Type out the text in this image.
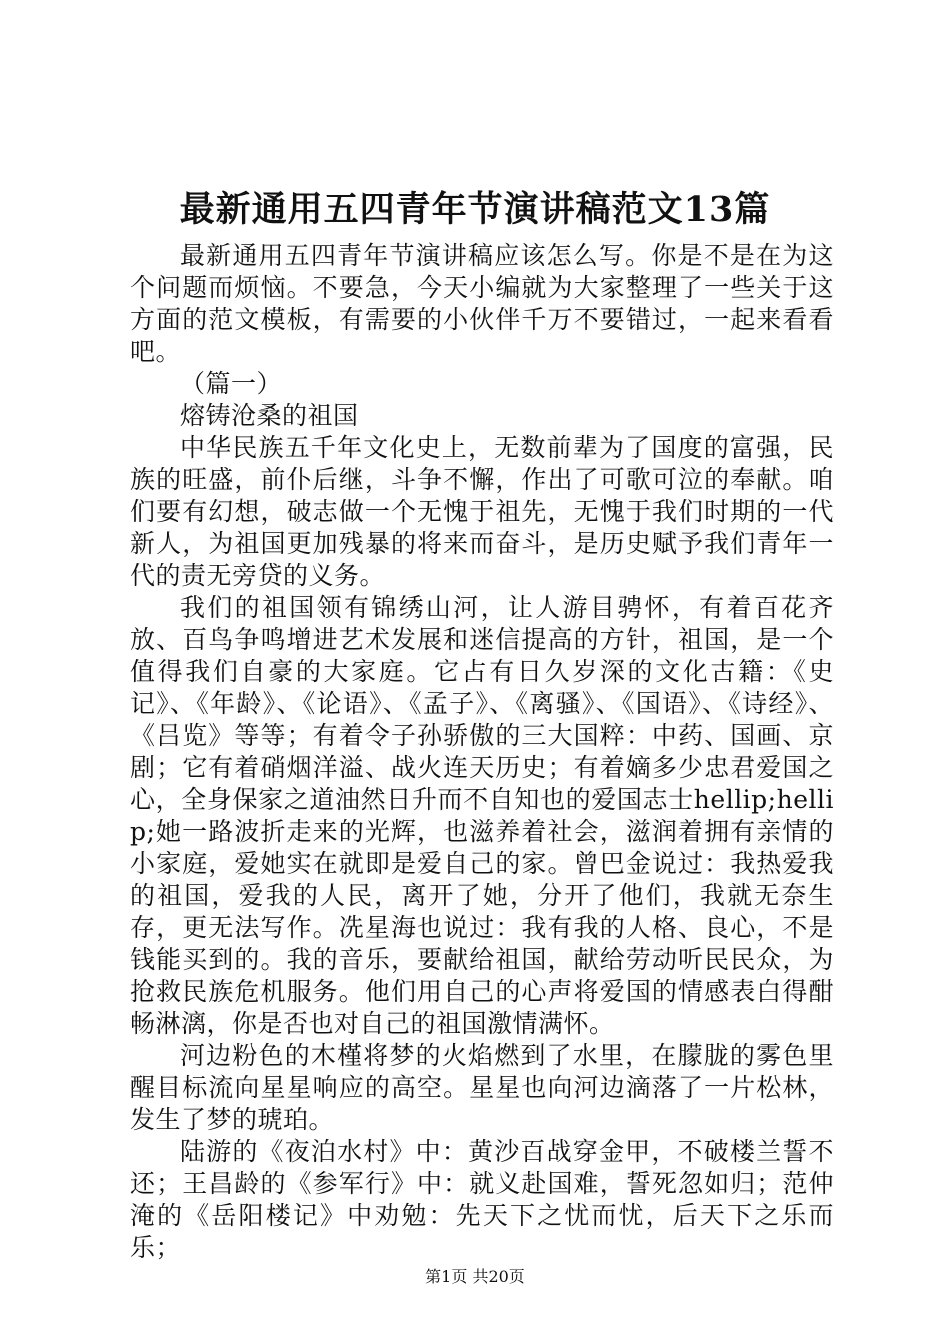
最新通用五四青年节演讲稿范文13篇

最新通用五四青年节演讲稿应该怎么写。你是不是在为这个问题而烦恼。不要急，今天小编就为大家整理了一些关于这方面的范文模板，有需要的小伙伴千万不要错过，一起来看看吧。

（篇一）

熔铸沧桑的祖国

中华民族五千年文化史上，无数前辈为了国度的富强，民族的旺盛，前仆后继，斗争不懈，作出了可歌可泣的奉献。咱们要有幻想，破志做一个无愧于祖先，无愧于我们时期的一代新人，为祖国更加残暴的将来而奋斗，是历史赋予我们青年一代的责无旁贷的义务。

我们的祖国领有锦绣山河，让人游目骋怀，有着百花齐放、百鸟争鸣增进艺术发展和迷信提高的方针，祖国，是一个值得我们自豪的大家庭。它占有日久岁深的文化古籍：《史记》、《年龄》、《论语》、《孟子》、《离骚》、《国语》、《诗经》、《吕览》等等；有着令子孙骄傲的三大国粹：中药、国画、京剧；它有着硝烟洋溢、战火连天历史；有着嫡多少忠君爱国之心，全身保家之道油然日升而不自知也的爱国志士hellip;hellip;她一路波折走来的光辉，也滋养着社会，滋润着拥有亲情的小家庭，爱她实在就即是爱自己的家。曾巴金说过：我热爱我的祖国，爱我的人民，离开了她，分开了他们，我就无奈生存，更无法写作。冼星海也说过：我有我的人格、良心，不是钱能买到的。我的音乐，要献给祖国，献给劳动听民民众，为抢救民族危机服务。他们用自己的心声将爱国的情感表白得酣畅淋漓，你是否也对自己的祖国激情满怀。

河边粉色的木槿将梦的火焰燃到了水里，在朦胧的雾色里醒目标流向星星响应的高空。星星也向河边滴落了一片松林，发生了梦的琥珀。

陆游的《夜泊水村》中：黄沙百战穿金甲，不破楼兰誓不还；王昌龄的《参军行》中：就义赴国难，誓死忽如归；范仲淹的《岳阳楼记》中劝勉：先天下之忧而忧，后天下之乐而乐；

第1页 共20页
